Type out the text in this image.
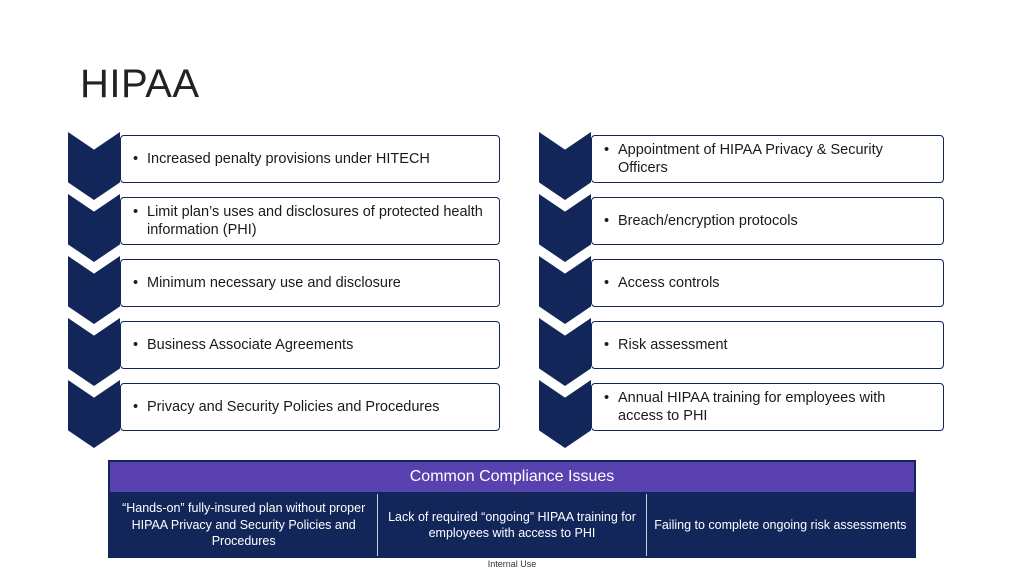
HIPAA
• Increased penalty provisions under HITECH
• Limit plan’s uses and disclosures of protected health information (PHI)
• Minimum necessary use and disclosure
• Business Associate Agreements
• Privacy and Security Policies and Procedures
• Appointment of HIPAA Privacy & Security Officers
• Breach/encryption protocols
• Access controls
• Risk assessment
• Annual HIPAA training for employees with access to PHI
Common Compliance Issues
“Hands-on” fully-insured plan without proper HIPAA Privacy and Security Policies and Procedures
Lack of required “ongoing” HIPAA training for employees with access to PHI
Failing to complete ongoing risk assessments
Internal Use
